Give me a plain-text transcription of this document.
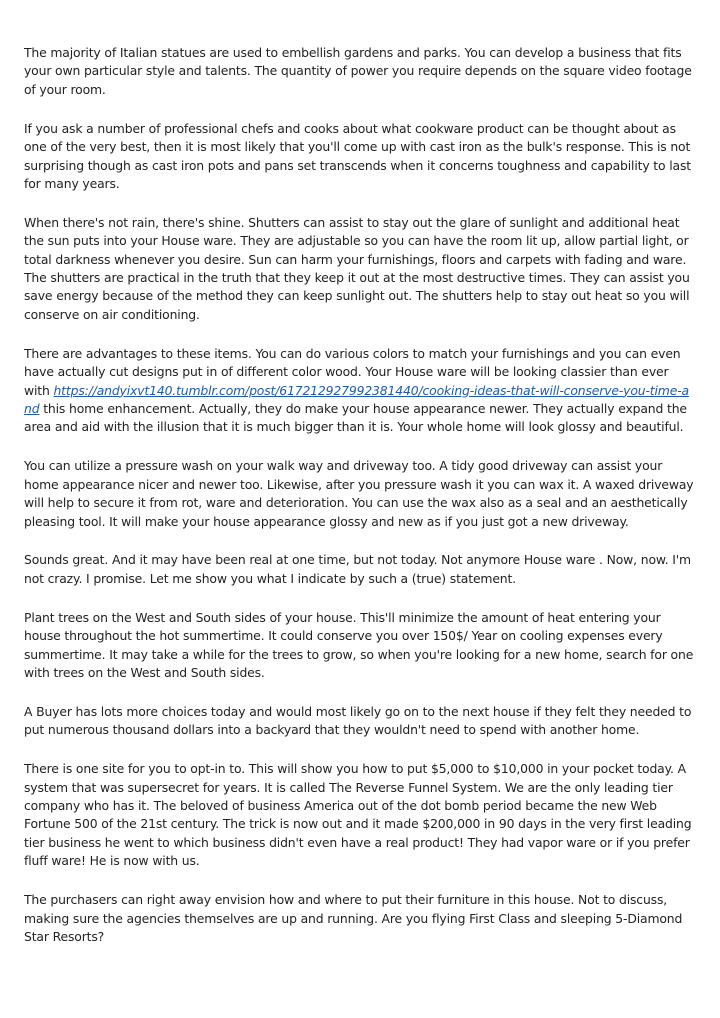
The majority of Italian statues are used to embellish gardens and parks. You can develop a business that fits your own particular style and talents. The quantity of power you require depends on the square video footage of your room.

If you ask a number of professional chefs and cooks about what cookware product can be thought about as one of the very best, then it is most likely that you'll come up with cast iron as the bulk's response. This is not surprising though as cast iron pots and pans set transcends when it concerns toughness and capability to last for many years.

When there's not rain, there's shine. Shutters can assist to stay out the glare of sunlight and additional heat the sun puts into your House ware. They are adjustable so you can have the room lit up, allow partial light, or total darkness whenever you desire. Sun can harm your furnishings, floors and carpets with fading and ware. The shutters are practical in the truth that they keep it out at the most destructive times. They can assist you save energy because of the method they can keep sunlight out. The shutters help to stay out heat so you will conserve on air conditioning.

There are advantages to these items. You can do various colors to match your furnishings and you can even have actually cut designs put in of different color wood. Your House ware will be looking classier than ever with https://andyixvt140.tumblr.com/post/617212927992381440/cooking-ideas-that-will-conserve-you-time-and this home enhancement. Actually, they do make your house appearance newer. They actually expand the area and aid with the illusion that it is much bigger than it is. Your whole home will look glossy and beautiful.

You can utilize a pressure wash on your walk way and driveway too. A tidy good driveway can assist your home appearance nicer and newer too. Likewise, after you pressure wash it you can wax it. A waxed driveway will help to secure it from rot, ware and deterioration. You can use the wax also as a seal and an aesthetically pleasing tool. It will make your house appearance glossy and new as if you just got a new driveway.

Sounds great. And it may have been real at one time, but not today. Not anymore House ware . Now, now. I'm not crazy. I promise. Let me show you what I indicate by such a (true) statement.

Plant trees on the West and South sides of your house. This'll minimize the amount of heat entering your house throughout the hot summertime. It could conserve you over 150$/ Year on cooling expenses every summertime. It may take a while for the trees to grow, so when you're looking for a new home, search for one with trees on the West and South sides.

A Buyer has lots more choices today and would most likely go on to the next house if they felt they needed to put numerous thousand dollars into a backyard that they wouldn't need to spend with another home.

There is one site for you to opt-in to. This will show you how to put $5,000 to $10,000 in your pocket today. A system that was supersecret for years. It is called The Reverse Funnel System. We are the only leading tier company who has it. The beloved of business America out of the dot bomb period became the new Web Fortune 500 of the 21st century. The trick is now out and it made $200,000 in 90 days in the very first leading tier business he went to which business didn't even have a real product! They had vapor ware or if you prefer fluff ware! He is now with us.

The purchasers can right away envision how and where to put their furniture in this house. Not to discuss, making sure the agencies themselves are up and running. Are you flying First Class and sleeping 5-Diamond Star Resorts?
